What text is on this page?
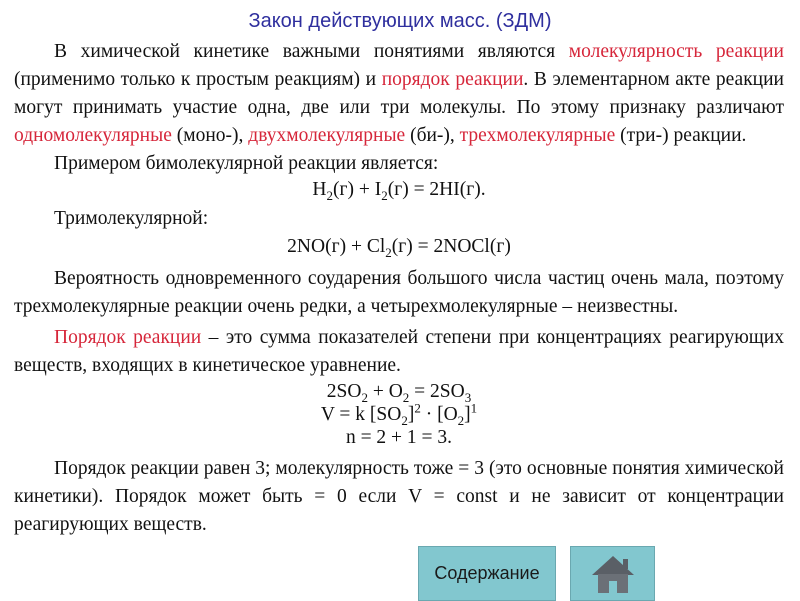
Закон действующих масс. (ЗДМ)

В химической кинетике важными понятиями являются молекулярность реакции (применимо только к простым реакциям) и порядок реакции. В элементарном акте реакции могут принимать участие одна, две или три молекулы. По этому признаку различают одномолекулярные (моно-), двухмолекулярные (би-), трехмолекулярные (три-) реакции.

Примером бимолекулярной реакции является:

$H_2(г) + I_2(г) = 2HI(г)$.

Тримолекулярной:

$2NO(г) + Cl_2(г)$ = 2NOCl(г)

Вероятность одновременного соударения большого числа частиц очень мала, поэтому трехмолекулярные реакции очень редки, а четырехмолекулярные – неизвестны.

Порядок реакции – это сумма показателей степени при концентрациях реагирующих веществ, входящих в кинетическое уравнение.

$2SO_2 + O_2 = 2SO_3$

V = k $[SO_2]^2 \cdot [O_2]^1$

n = 2 + 1 = 3.

Порядок реакции равен 3; молекулярность тоже = 3 (это основные понятия химической кинетики). Порядок может быть = 0 если V = const и не зависит от концентрации реагирующих веществ.

Содержание
